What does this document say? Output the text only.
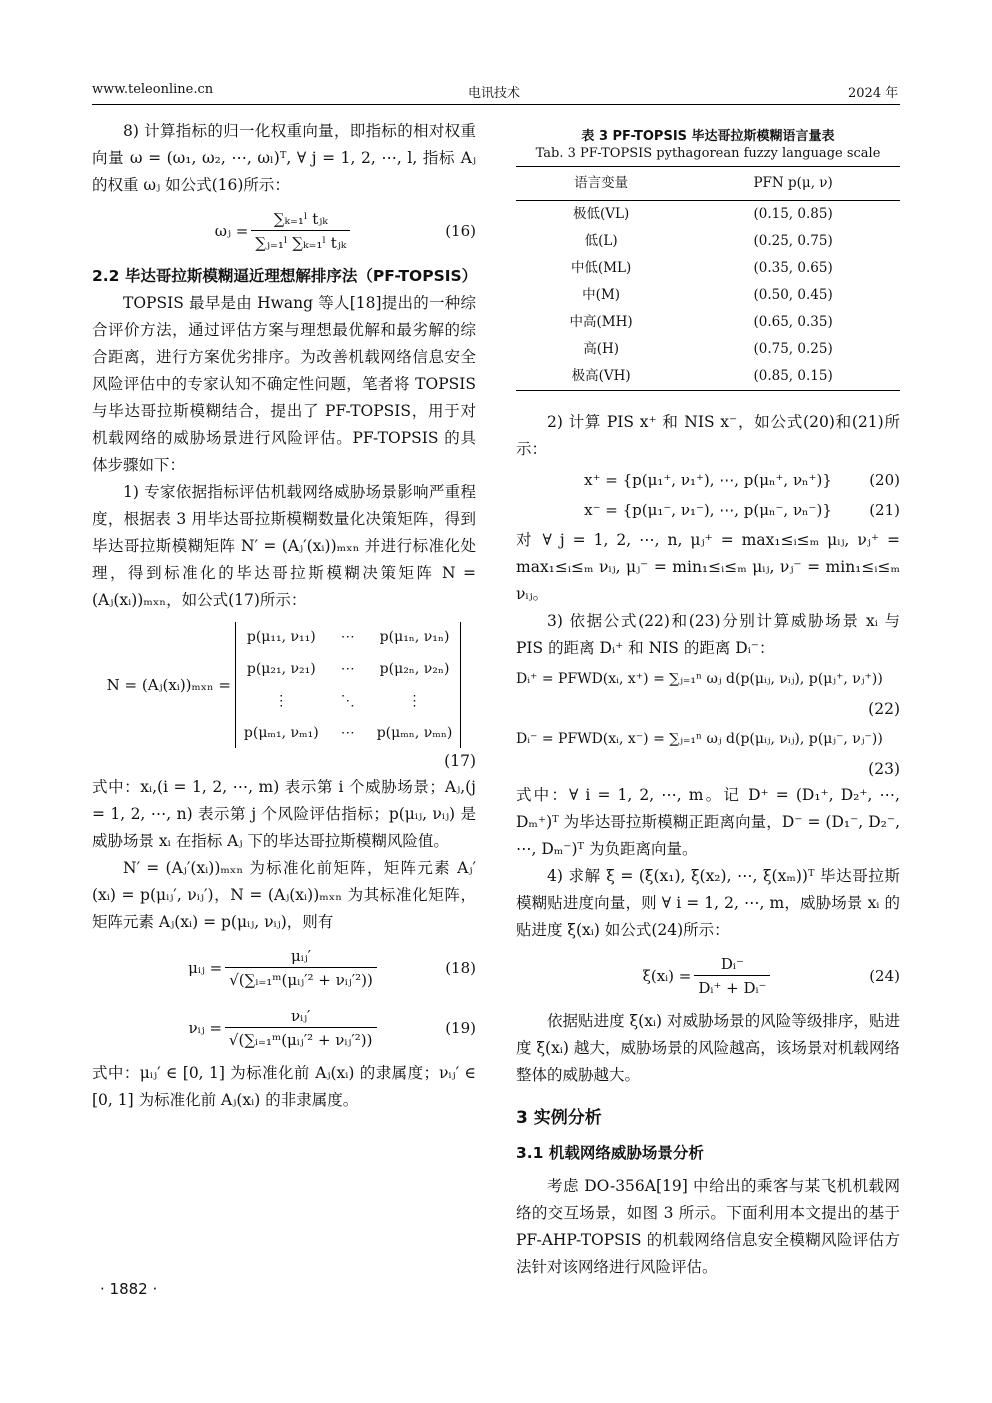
www.teleonline.cn	电讯技术	2024 年

8) 计算指标的归一化权重向量，即指标的相对权重向量 ω = (ω₁, ω₂, ⋯, ωₗ)ᵀ, ∀ j = 1, 2, ⋯, l, 指标 Aⱼ 的权重 ωⱼ 如公式(16)所示：

ωⱼ = $\frac{\text{∑ₖ₌₁ˡ tⱼₖ}}{\text{∑ⱼ₌₁ˡ ∑ₖ₌₁ˡ tⱼₖ}}$	(16)

2.2 毕达哥拉斯模糊逼近理想解排序法（PF-TOPSIS）

TOPSIS 最早是由 Hwang 等人[18]提出的一种综合评价方法，通过评估方案与理想最优解和最劣解的综合距离，进行方案优劣排序。为改善机载网络信息安全风险评估中的专家认知不确定性问题，笔者将 TOPSIS 与毕达哥拉斯模糊结合，提出了 PF-TOPSIS，用于对机载网络的威胁场景进行风险评估。PF-TOPSIS 的具体步骤如下：

1) 专家依据指标评估机载网络威胁场景影响严重程度，根据表 3 用毕达哥拉斯模糊数量化决策矩阵，得到毕达哥拉斯模糊矩阵 N′ = (Aⱼ′(xᵢ))ₘₓₙ 并进行标准化处理，得到标准化的毕达哥拉斯模糊决策矩阵 N = (Aⱼ(xᵢ))ₘₓₙ，如公式(17)所示：

N = (Aⱼ(xᵢ))ₘₓₙ =
p(μ₁₁, ν₁₁) ⋯ p(μ₁ₙ, ν₁ₙ)
p(μ₂₁, ν₂₁) ⋯ p(μ₂ₙ, ν₂ₙ)
⋮	⋱	⋮
p(μₘ₁, νₘ₁) ⋯ p(μₘₙ, νₘₙ)
(17)

式中：xᵢ,(i = 1, 2, ⋯, m) 表示第 i 个威胁场景；Aⱼ,(j = 1, 2, ⋯, n) 表示第 j 个风险评估指标；p(μᵢⱼ, νᵢⱼ) 是威胁场景 xᵢ 在指标 Aⱼ 下的毕达哥拉斯模糊风险值。

N′ = (Aⱼ′(xᵢ))ₘₓₙ 为标准化前矩阵，矩阵元素 Aⱼ′(xᵢ) = p(μᵢⱼ′, νᵢⱼ′)，N = (Aⱼ(xᵢ))ₘₓₙ 为其标准化矩阵，矩阵元素 Aⱼ(xᵢ) = p(μᵢⱼ, νᵢⱼ)，则有

μᵢⱼ = $\frac{\text{μᵢⱼ′}}{\text{√(∑ᵢ₌₁ᵐ(μᵢⱼ′² + νᵢⱼ′²))}}$	(18)
νᵢⱼ = $\frac{\text{νᵢⱼ′}}{\text{√(∑ᵢ₌₁ᵐ(μᵢⱼ′² + νᵢⱼ′²))}}$	(19)

式中：μᵢⱼ′ ∈ [0, 1] 为标准化前 Aⱼ(xᵢ) 的隶属度；νᵢⱼ′ ∈ [0, 1] 为标准化前 Aⱼ(xᵢ) 的非隶属度。

表 3 PF-TOPSIS 毕达哥拉斯模糊语言量表
Tab. 3 PF-TOPSIS pythagorean fuzzy language scale
语言变量	PFN p(μ, ν)
极低(VL)	(0.15, 0.85)
低(L)	(0.25, 0.75)
中低(ML)	(0.35, 0.65)
中(M)	(0.50, 0.45)
中高(MH)	(0.65, 0.35)
高(H)	(0.75, 0.25)
极高(VH)	(0.85, 0.15)

2) 计算 PIS x⁺ 和 NIS x⁻，如公式(20)和(21)所示：

x⁺ = {p(μ₁⁺, ν₁⁺), ⋯, p(μₙ⁺, νₙ⁺)} (20)
x⁻ = {p(μ₁⁻, ν₁⁻), ⋯, p(μₙ⁻, νₙ⁻)} (21)

对 ∀ j = 1, 2, ⋯, n, μⱼ⁺ = max₁≤ᵢ≤ₘ μᵢⱼ, νⱼ⁺ = max₁≤ᵢ≤ₘ νᵢⱼ, μⱼ⁻ = min₁≤ᵢ≤ₘ μᵢⱼ, νⱼ⁻ = min₁≤ᵢ≤ₘ νᵢⱼ。

3) 依据公式(22)和(23)分别计算威胁场景 xᵢ 与 PIS 的距离 Dᵢ⁺ 和 NIS 的距离 Dᵢ⁻：

Dᵢ⁺ = PFWD(xᵢ, x⁺) = ∑ⱼ₌₁ⁿ ωⱼ d(p(μᵢⱼ, νᵢⱼ), p(μⱼ⁺, νⱼ⁺))
(22)
Dᵢ⁻ = PFWD(xᵢ, x⁻) = ∑ⱼ₌₁ⁿ ωⱼ d(p(μᵢⱼ, νᵢⱼ), p(μⱼ⁻, νⱼ⁻))
(23)

式中：∀ i = 1, 2, ⋯, m。记 D⁺ = (D₁⁺, D₂⁺, ⋯, Dₘ⁺)ᵀ 为毕达哥拉斯模糊正距离向量，D⁻ = (D₁⁻, D₂⁻, ⋯, Dₘ⁻)ᵀ 为负距离向量。

4) 求解 ξ = (ξ(x₁), ξ(x₂), ⋯, ξ(xₘ))ᵀ 毕达哥拉斯模糊贴进度向量，则 ∀ i = 1, 2, ⋯, m，威胁场景 xᵢ 的贴进度 ξ(xᵢ) 如公式(24)所示：

ξ(xᵢ) = $\frac{\text{Dᵢ⁻}}{\text{Dᵢ⁺ + Dᵢ⁻}}$	(24)

依据贴进度 ξ(xᵢ) 对威胁场景的风险等级排序，贴进度 ξ(xᵢ) 越大，威胁场景的风险越高，该场景对机载网络整体的威胁越大。

3 实例分析
3.1 机载网络威胁场景分析

考虑 DO-356A[19] 中给出的乘客与某飞机机载网络的交互场景，如图 3 所示。下面利用本文提出的基于 PF-AHP-TOPSIS 的机载网络信息安全模糊风险评估方法针对该网络进行风险评估。

· 1882 ·
